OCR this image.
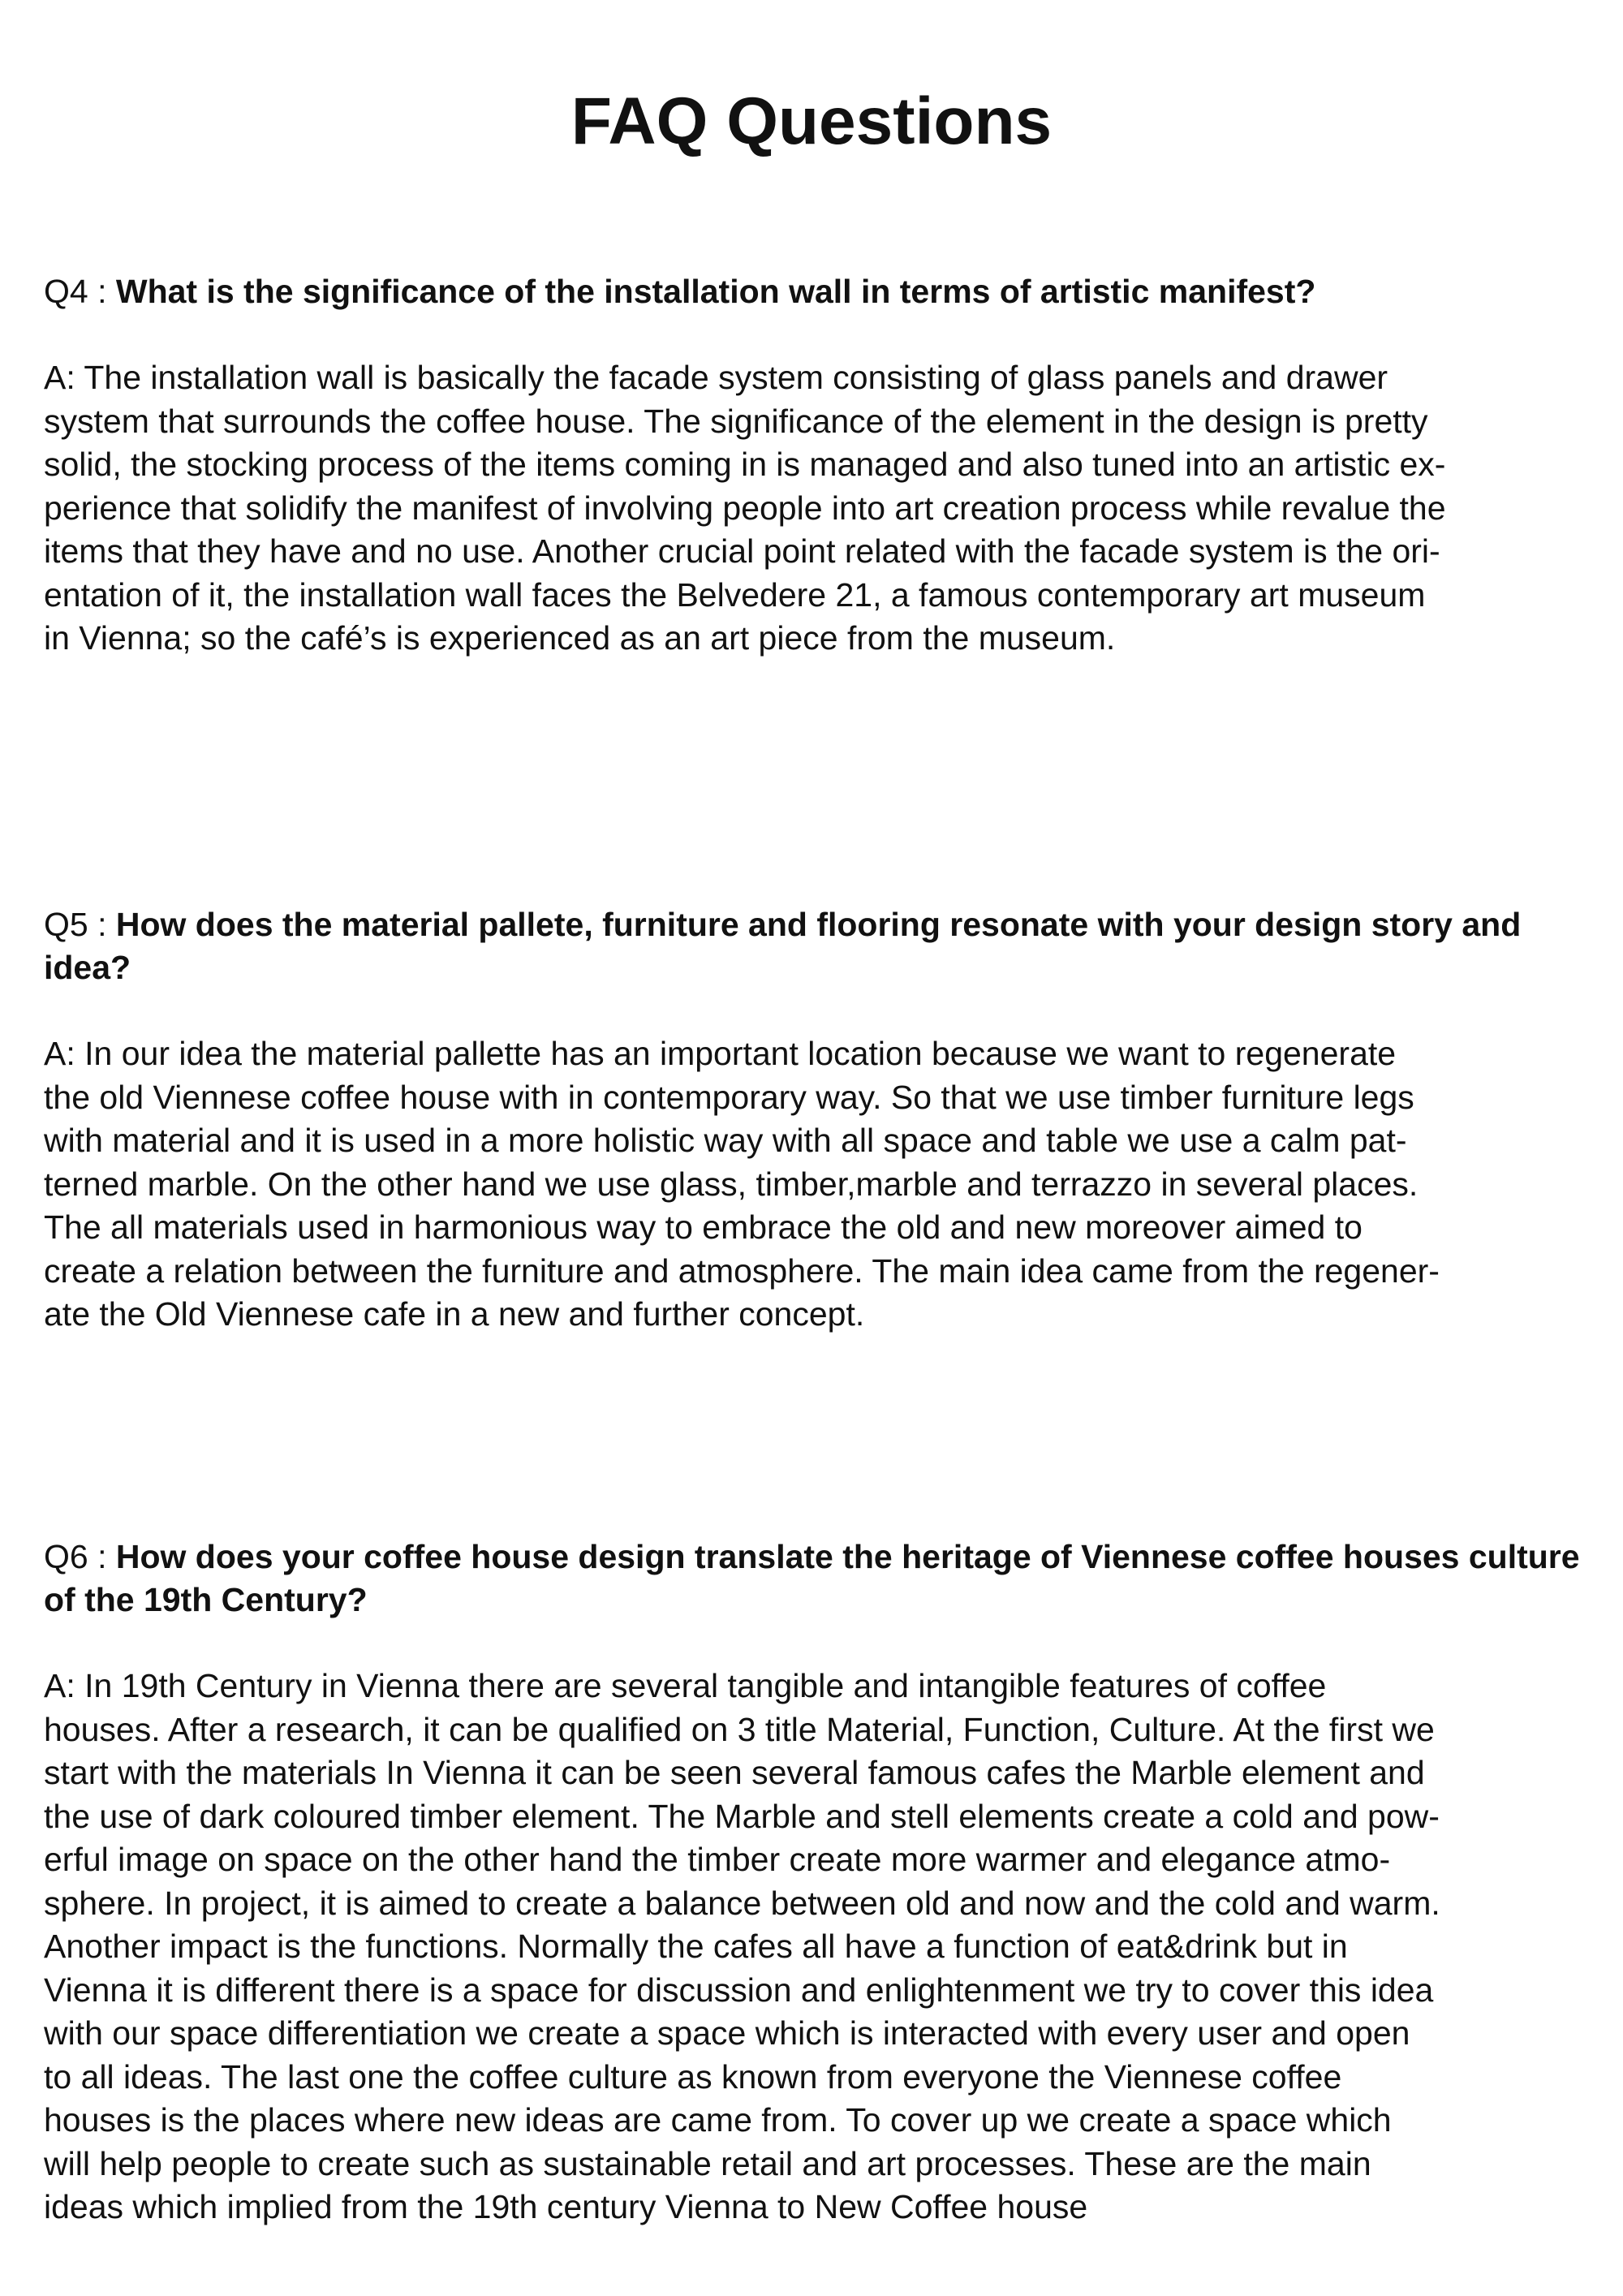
FAQ Questions

Q4 : What is the significance of the installation wall in terms of artistic manifest?

A: The installation wall is basically the facade system consisting of glass panels and drawer
system that surrounds the coffee house. The significance of the element in the design is pretty
solid, the stocking process of the items coming in is managed and also tuned into an artistic ex-
perience that solidify the manifest of involving people into art creation process while revalue the
items that they have and no use. Another crucial point related with the facade system is the ori-
entation of it, the installation wall faces the Belvedere 21, a famous contemporary art museum
in Vienna; so the café’s is experienced as an art piece from the museum.

Q5 : How does the material pallete, furniture and flooring resonate with your design story and idea?

A: In our idea the material pallette has an important location because we want to regenerate
the old Viennese coffee house with in contemporary way. So that we use timber furniture legs
with material and it is used in a more holistic way with all space and table we use a calm pat-
terned marble. On the other hand we use glass, timber,marble and terrazzo in several places.
The all materials used in harmonious way to embrace the old and new moreover aimed to
create a relation between the furniture and atmosphere. The main idea came from the regener-
ate the Old Viennese cafe in a new and further concept.

Q6 : How does your coffee house design translate the heritage of Viennese coffee houses culture of the 19th Century?

A: In 19th Century in Vienna there are several tangible and intangible features of coffee
houses. After a research, it can be qualified on 3 title Material, Function, Culture. At the first we
start with the materials In Vienna it can be seen several famous cafes the Marble element and
the use of dark coloured timber element. The Marble and stell elements create a cold and pow-
erful image on space on the other hand the timber create more warmer and elegance atmo-
sphere. In project, it is aimed to create a balance between old and now and the cold and warm.
Another impact is the functions. Normally the cafes all have a function of eat&drink but in
Vienna it is different there is a space for discussion and enlightenment we try to cover this idea
with our space differentiation we create a space which is interacted with every user and open
to all ideas. The last one the coffee culture as known from everyone the Viennese coffee
houses is the places where new ideas are came from. To cover up we create a space which
will help people to create such as sustainable retail and art processes. These are the main
ideas which implied from the 19th century Vienna to New Coffee house
